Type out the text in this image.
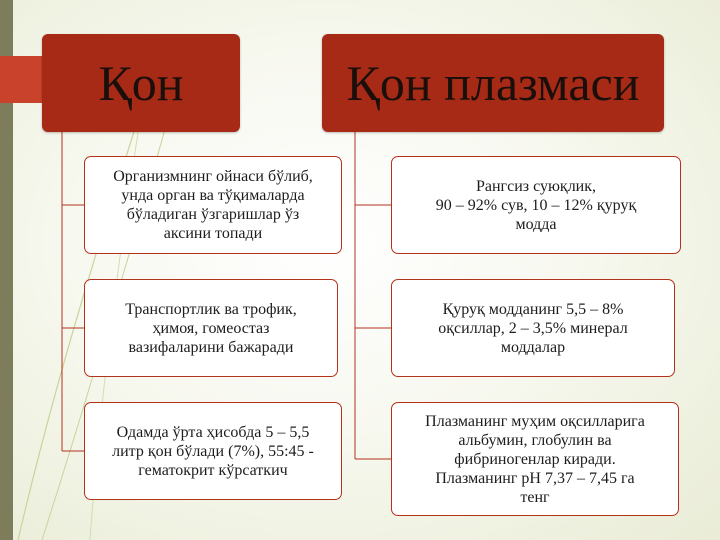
Қон	Қон плазмаси
Организмнинг ойнаси бўлиб,
унда орган ва тўқималарда
бўладиган ўзгаришлар ўз
аксини топади
Транспортлик ва трофик,
ҳимоя, гомеостаз
вазифаларини бажаради
Одамда ўрта ҳисобда 5 – 5,5
литр қон бўлади (7%), 55:45 -
гематокрит кўрсаткич
Рангсиз суюқлик,
90 – 92% сув, 10 – 12% қуруқ
модда
Қуруқ модданинг 5,5 – 8%
оқсиллар, 2 – 3,5% минерал
моддалар
Плазманинг муҳим оқсилларига
альбумин, глобулин ва
фибриногенлар киради.
Плазманинг рН 7,37 – 7,45 га
тенг
